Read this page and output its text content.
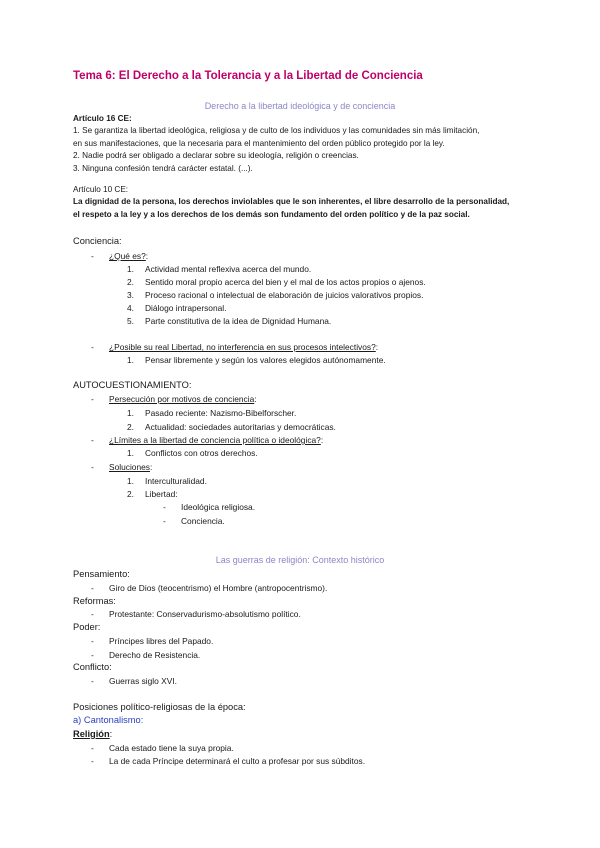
Tema 6: El Derecho a la Tolerancia y a la Libertad de Conciencia
Derecho a la libertad ideológica y de conciencia

Artículo 16 CE:

1. Se garantiza la libertad ideológica, religiosa y de culto de los individuos y las comunidades sin más limitación,

en sus manifestaciones, que la necesaria para el mantenimiento del orden público protegido por la ley.

2. Nadie podrá ser obligado a declarar sobre su ideología, religión o creencias.

3. Ninguna confesión tendrá carácter estatal. (...).

Artículo 10 CE:

La dignidad de la persona, los derechos inviolables que le son inherentes, el libre desarrollo de la personalidad,

el respeto a la ley y a los derechos de los demás son fundamento del orden político y de la paz social.

Conciencia:
- ¿Qué es?:
1. Actividad mental reflexiva acerca del mundo.
2. Sentido moral propio acerca del bien y el mal de los actos propios o ajenos.
3. Proceso racional o intelectual de elaboración de juicios valorativos propios.
4. Diálogo intrapersonal.
5. Parte constitutiva de la idea de Dignidad Humana.
- ¿Posible su real Libertad, no interferencia en sus procesos intelectivos?:
1. Pensar libremente y según los valores elegidos autónomamente.
AUTOCUESTIONAMIENTO:
- Persecución por motivos de conciencia:
1. Pasado reciente: Nazismo-Bibelforscher.
2. Actualidad: sociedades autoritarias y democráticas.
- ¿Límites a la libertad de conciencia política o ideológica?:
1. Conflictos con otros derechos.
- Soluciones:
1. Interculturalidad.
2. Libertad:
- Ideológica religiosa.
- Conciencia.
Las guerras de religión: Contexto histórico
Pensamiento:
- Giro de Dios (teocentrismo) el Hombre (antropocentrismo).
Reformas:
- Protestante: Conservadurismo-absolutismo político.
Poder:
- Príncipes libres del Papado.
- Derecho de Resistencia.
Conflicto:
- Guerras siglo XVI.
Posiciones político-religiosas de la época:
a) Cantonalismo:
Religión:
- Cada estado tiene la suya propia.
- La de cada Príncipe determinará el culto a profesar por sus súbditos.
